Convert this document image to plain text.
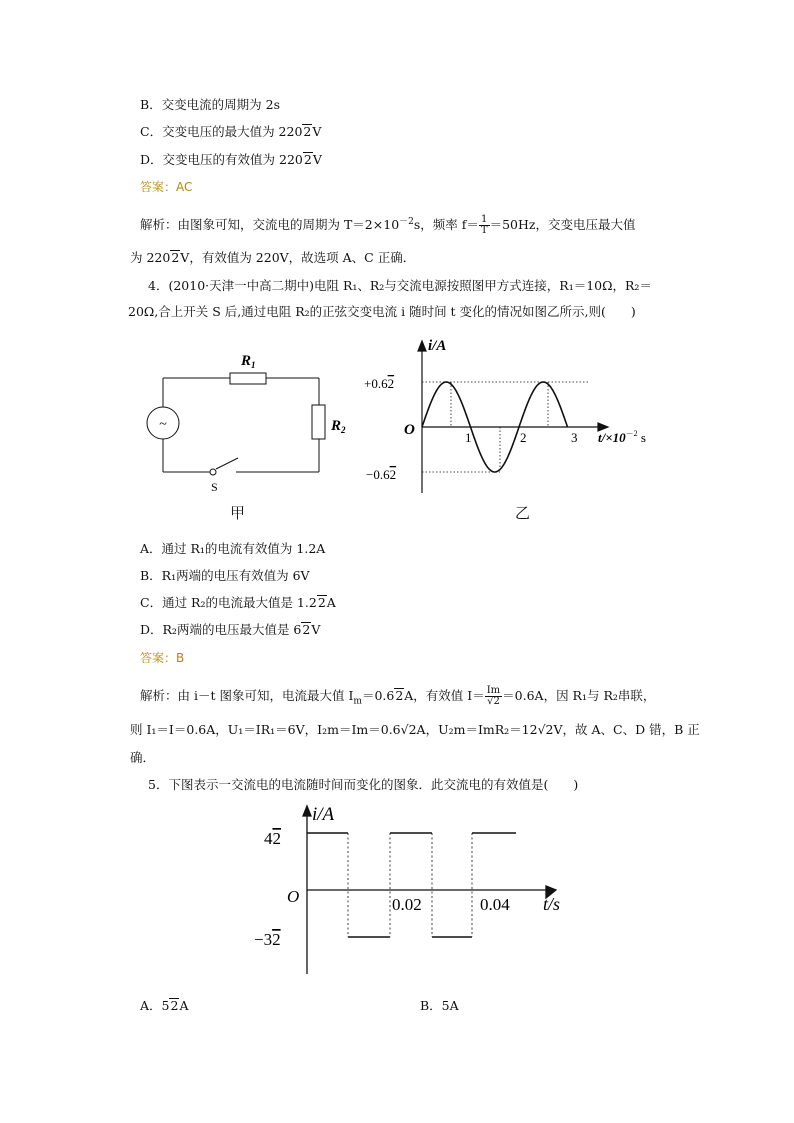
B．交变电流的周期为 2s
C．交变电压的最大值为 2202V
D．交变电压的有效值为 2202V
答案：AC
解析：由图象可知，交流电的周期为 $T=2\times 10^{-2}s$，频率 $f= \frac{1}{T} =50Hz$，交变电压最大值
为 2202V，有效值为 220V，故选项 A、C 正确．
4．(2010·天津一中高二期中)电阻 R₁、R₂与交流电源按照图甲方式连接，R₁＝10Ω，R₂＝
20Ω,合上开关 S 后,通过电阻 R₂的正弦交变电流 i 随时间 t 变化的情况如图乙所示,则(　　)
~
$R_1$
$R_2$
S
甲
i/A
O
+0.62
−0.62
1	2	3 $t/\times 10^{-2}$ s
乙
A．通过 R₁的电流有效值为 1.2A
B．R₁两端的电压有效值为 6V
C．通过 R₂的电流最大值是 1.22A
D．R₂两端的电压最大值是 62V
答案：B
解析：由 i－t 图象可知，电流最大值 $I_m=0.62A$，有效值 $I= \frac{Im}{√2} =0.6A$，因 R₁与 R₂串联，
则 I₁＝I＝0.6A，U₁＝IR₁＝6V，I₂m＝Im＝0.6√2A，U₂m＝ImR₂＝12√2V，故 A、C、D 错，B 正
确．
5．下图表示一交流电的电流随时间而变化的图象．此交流电的有效值是(　　)
i/A
O
42
−32
0.02	0.04 t/s
A．52A	B．5A
